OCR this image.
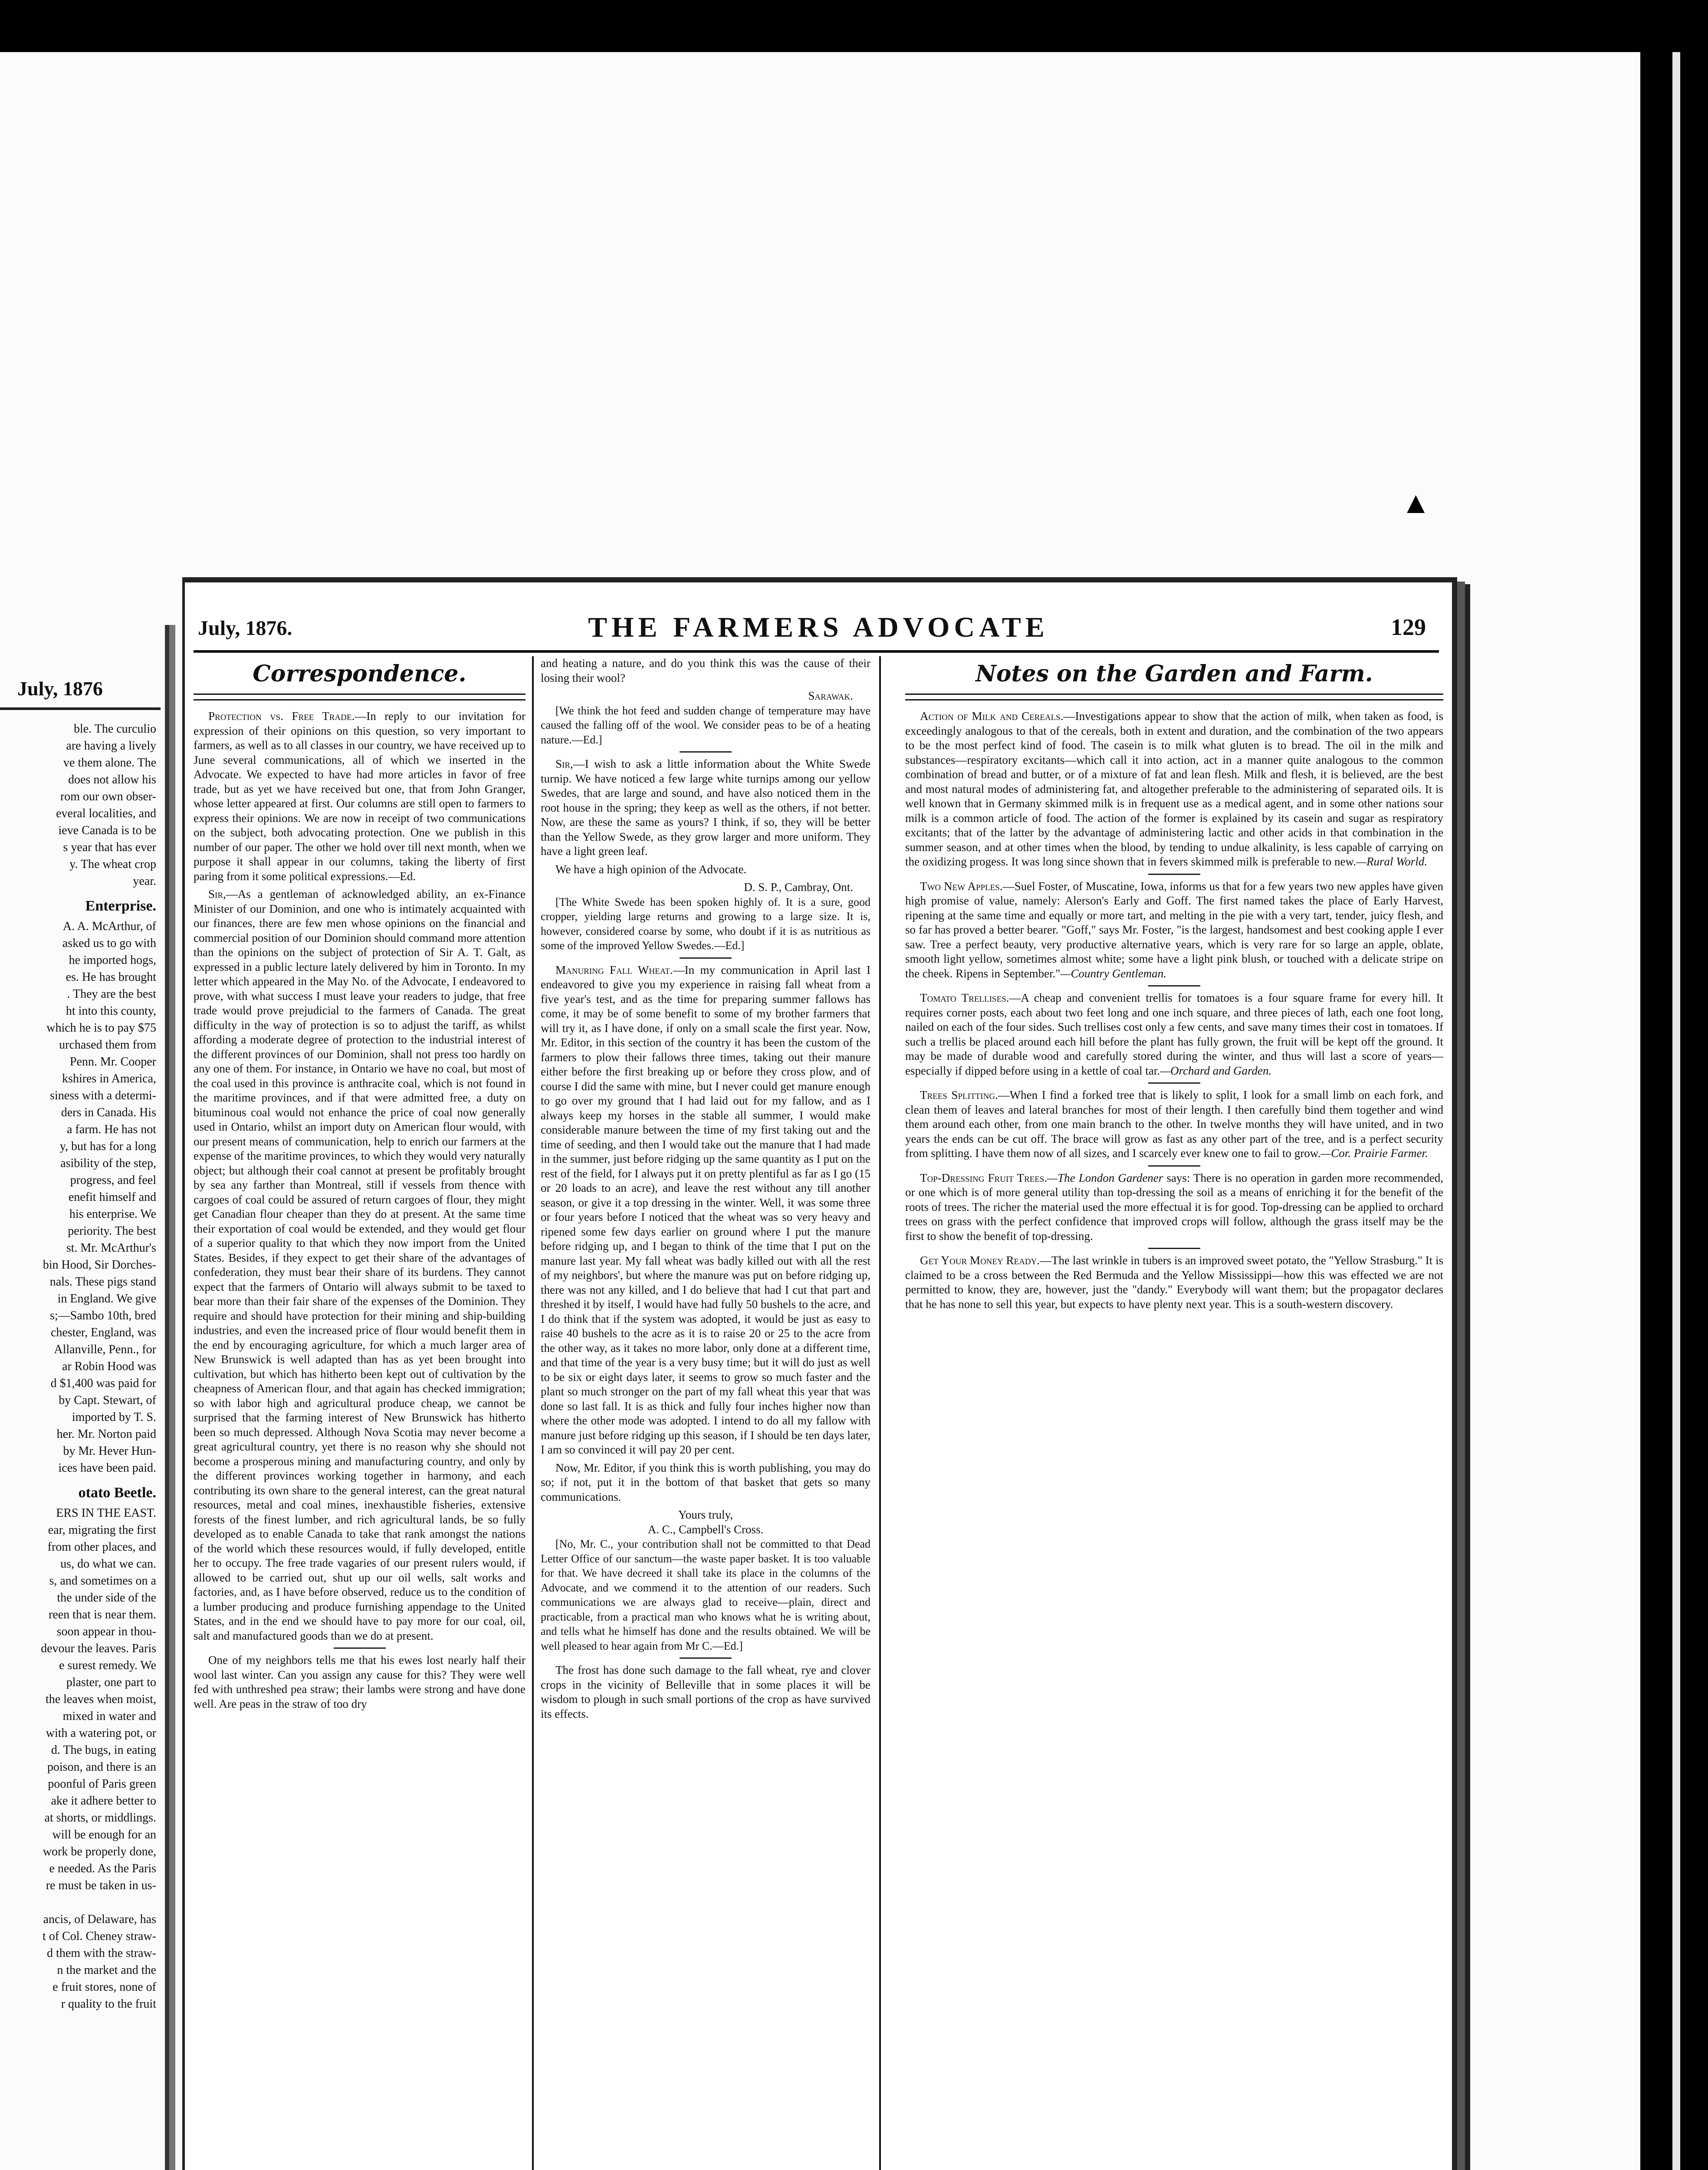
▲
July, 1876
ble. The curculio
are having a lively
ve them alone. The
does not allow his
rom our own obser-
everal localities, and
ieve Canada is to be
s year that has ever
y. The wheat crop
year.
Enterprise.
A. A. McArthur, of
asked us to go with
he imported hogs,
es. He has brought
. They are the best
ht into this county,
which he is to pay $75
urchased them from
Penn. Mr. Cooper
kshires in America,
siness with a determi-
ders in Canada. His
a farm. He has not
y, but has for a long
asibility of the step,
progress, and feel
enefit himself and
his enterprise. We
periority. The best
st. Mr. McArthur's
bin Hood, Sir Dorches-
nals. These pigs stand
in England. We give
s;—Sambo 10th, bred
chester, England, was
Allanville, Penn., for
ar Robin Hood was
d $1,400 was paid for
by Capt. Stewart, of
imported by T. S.
her. Mr. Norton paid
by Mr. Hever Hun-
ices have been paid.
otato Beetle.
ERS IN THE EAST.
ear, migrating the first
from other places, and
us, do what we can.
s, and sometimes on a
the under side of the
reen that is near them.
soon appear in thou-
devour the leaves. Paris
e surest remedy. We
plaster, one part to
the leaves when moist,
mixed in water and
with a watering pot, or
d. The bugs, in eating
poison, and there is an
poonful of Paris green
ake it adhere better to
at shorts, or middlings.
will be enough for an
work be properly done,
e needed. As the Paris
re must be taken in us-

ancis, of Delaware, has
t of Col. Cheney straw-
d them with the straw-
n the market and the
e fruit stores, none of
r quality to the fruit
July, 1876.	THE FARMERS ADVOCATE	129
Correspondence.

Protection vs. Free Trade.—In reply to our invitation for expression of their opinions on this question, so very important to farmers, as well as to all classes in our country, we have received up to June several communications, all of which we inserted in the Advocate. We expected to have had more articles in favor of free trade, but as yet we have received but one, that from John Granger, whose letter appeared at first. Our columns are still open to farmers to express their opinions. We are now in receipt of two communications on the subject, both advocating protection. One we publish in this number of our paper. The other we hold over till next month, when we purpose it shall appear in our columns, taking the liberty of first paring from it some political expressions.—Ed.

Sir,—As a gentleman of acknowledged ability, an ex-Finance Minister of our Dominion, and one who is intimately acquainted with our finances, there are few men whose opinions on the financial and commercial position of our Dominion should command more attention than the opinions on the subject of protection of Sir A. T. Galt, as expressed in a public lecture lately delivered by him in Toronto. In my letter which appeared in the May No. of the Advocate, I endeavored to prove, with what success I must leave your readers to judge, that free trade would prove prejudicial to the farmers of Canada. The great difficulty in the way of protection is so to adjust the tariff, as whilst affording a moderate degree of protection to the industrial interest of the different provinces of our Dominion, shall not press too hardly on any one of them. For instance, in Ontario we have no coal, but most of the coal used in this province is anthracite coal, which is not found in the maritime provinces, and if that were admitted free, a duty on bituminous coal would not enhance the price of coal now generally used in Ontario, whilst an import duty on American flour would, with our present means of communication, help to enrich our farmers at the expense of the maritime provinces, to which they would very naturally object; but although their coal cannot at present be profitably brought by sea any farther than Montreal, still if vessels from thence with cargoes of coal could be assured of return cargoes of flour, they might get Canadian flour cheaper than they do at present. At the same time their exportation of coal would be extended, and they would get flour of a superior quality to that which they now import from the United States. Besides, if they expect to get their share of the advantages of confederation, they must bear their share of its burdens. They cannot expect that the farmers of Ontario will always submit to be taxed to bear more than their fair share of the expenses of the Dominion. They require and should have protection for their mining and ship-building industries, and even the increased price of flour would benefit them in the end by encouraging agriculture, for which a much larger area of New Brunswick is well adapted than has as yet been brought into cultivation, but which has hitherto been kept out of cultivation by the cheapness of American flour, and that again has checked immigration; so with labor high and agricultural produce cheap, we cannot be surprised that the farming interest of New Brunswick has hitherto been so much depressed. Although Nova Scotia may never become a great agricultural country, yet there is no reason why she should not become a prosperous mining and manufacturing country, and only by the different provinces working together in harmony, and each contributing its own share to the general interest, can the great natural resources, metal and coal mines, inexhaustible fisheries, extensive forests of the finest lumber, and rich agricultural lands, be so fully developed as to enable Canada to take that rank amongst the nations of the world which these resources would, if fully developed, entitle her to occupy. The free trade vagaries of our present rulers would, if allowed to be carried out, shut up our oil wells, salt works and factories, and, as I have before observed, reduce us to the condition of a lumber producing and produce furnishing appendage to the United States, and in the end we should have to pay more for our coal, oil, salt and manufactured goods than we do at present.

One of my neighbors tells me that his ewes lost nearly half their wool last winter. Can you assign any cause for this? They were well fed with unthreshed pea straw; their lambs were strong and have done well. Are peas in the straw of too dry

and heating a nature, and do you think this was the cause of their losing their wool?

Sarawak.

[We think the hot feed and sudden change of temperature may have caused the falling off of the wool. We consider peas to be of a heating nature.—Ed.]

Sir,—I wish to ask a little information about the White Swede turnip. We have noticed a few large white turnips among our yellow Swedes, that are large and sound, and have also noticed them in the root house in the spring; they keep as well as the others, if not better. Now, are these the same as yours? I think, if so, they will be better than the Yellow Swede, as they grow larger and more uniform. They have a light green leaf.

We have a high opinion of the Advocate.

D. S. P., Cambray, Ont.

[The White Swede has been spoken highly of. It is a sure, good cropper, yielding large returns and growing to a large size. It is, however, considered coarse by some, who doubt if it is as nutritious as some of the improved Yellow Swedes.—Ed.]

Manuring Fall Wheat.—In my communication in April last I endeavored to give you my experience in raising fall wheat from a five year's test, and as the time for preparing summer fallows has come, it may be of some benefit to some of my brother farmers that will try it, as I have done, if only on a small scale the first year. Now, Mr. Editor, in this section of the country it has been the custom of the farmers to plow their fallows three times, taking out their manure either before the first breaking up or before they cross plow, and of course I did the same with mine, but I never could get manure enough to go over my ground that I had laid out for my fallow, and as I always keep my horses in the stable all summer, I would make considerable manure between the time of my first taking out and the time of seeding, and then I would take out the manure that I had made in the summer, just before ridging up the same quantity as I put on the rest of the field, for I always put it on pretty plentiful as far as I go (15 or 20 loads to an acre), and leave the rest without any till another season, or give it a top dressing in the winter. Well, it was some three or four years before I noticed that the wheat was so very heavy and ripened some few days earlier on ground where I put the manure before ridging up, and I began to think of the time that I put on the manure last year. My fall wheat was badly killed out with all the rest of my neighbors', but where the manure was put on before ridging up, there was not any killed, and I do believe that had I cut that part and threshed it by itself, I would have had fully 50 bushels to the acre, and I do think that if the system was adopted, it would be just as easy to raise 40 bushels to the acre as it is to raise 20 or 25 to the acre from the other way, as it takes no more labor, only done at a different time, and that time of the year is a very busy time; but it will do just as well to be six or eight days later, it seems to grow so much faster and the plant so much stronger on the part of my fall wheat this year that was done so last fall. It is as thick and fully four inches higher now than where the other mode was adopted. I intend to do all my fallow with manure just before ridging up this season, if I should be ten days later, I am so convinced it will pay 20 per cent.

Now, Mr. Editor, if you think this is worth publishing, you may do so; if not, put it in the bottom of that basket that gets so many communications.

Yours truly,
A. C., Campbell's Cross.

[No, Mr. C., your contribution shall not be committed to that Dead Letter Office of our sanctum—the waste paper basket. It is too valuable for that. We have decreed it shall take its place in the columns of the Advocate, and we commend it to the attention of our readers. Such communications we are always glad to receive—plain, direct and practicable, from a practical man who knows what he is writing about, and tells what he himself has done and the results obtained. We will be well pleased to hear again from Mr C.—Ed.]

The frost has done such damage to the fall wheat, rye and clover crops in the vicinity of Belleville that in some places it will be wisdom to plough in such small portions of the crop as have survived its effects.

Notes on the Garden and Farm.

Action of Milk and Cereals.—Investigations appear to show that the action of milk, when taken as food, is exceedingly analogous to that of the cereals, both in extent and duration, and the combination of the two appears to be the most perfect kind of food. The casein is to milk what gluten is to bread. The oil in the milk and substances—respiratory excitants—which call it into action, act in a manner quite analogous to the common combination of bread and butter, or of a mixture of fat and lean flesh. Milk and flesh, it is believed, are the best and most natural modes of administering fat, and altogether preferable to the administering of separated oils. It is well known that in Germany skimmed milk is in frequent use as a medical agent, and in some other nations sour milk is a common article of food. The action of the former is explained by its casein and sugar as respiratory excitants; that of the latter by the advantage of administering lactic and other acids in that combination in the summer season, and at other times when the blood, by tending to undue alkalinity, is less capable of carrying on the oxidizing progess. It was long since shown that in fevers skimmed milk is preferable to new.—Rural World.

Two New Apples.—Suel Foster, of Muscatine, Iowa, informs us that for a few years two new apples have given high promise of value, namely: Alerson's Early and Goff. The first named takes the place of Early Harvest, ripening at the same time and equally or more tart, and melting in the pie with a very tart, tender, juicy flesh, and so far has proved a better bearer. "Goff," says Mr. Foster, "is the largest, handsomest and best cooking apple I ever saw. Tree a perfect beauty, very productive alternative years, which is very rare for so large an apple, oblate, smooth light yellow, sometimes almost white; some have a light pink blush, or touched with a delicate stripe on the cheek. Ripens in September."—Country Gentleman.

Tomato Trellises.—A cheap and convenient trellis for tomatoes is a four square frame for every hill. It requires corner posts, each about two feet long and one inch square, and three pieces of lath, each one foot long, nailed on each of the four sides. Such trellises cost only a few cents, and save many times their cost in tomatoes. If such a trellis be placed around each hill before the plant has fully grown, the fruit will be kept off the ground. It may be made of durable wood and carefully stored during the winter, and thus will last a score of years—especially if dipped before using in a kettle of coal tar.—Orchard and Garden.

Trees Splitting.—When I find a forked tree that is likely to split, I look for a small limb on each fork, and clean them of leaves and lateral branches for most of their length. I then carefully bind them together and wind them around each other, from one main branch to the other. In twelve months they will have united, and in two years the ends can be cut off. The brace will grow as fast as any other part of the tree, and is a perfect security from splitting. I have them now of all sizes, and I scarcely ever knew one to fail to grow.—Cor. Prairie Farmer.

Top-Dressing Fruit Trees.—The London Gardener says: There is no operation in garden more recommended, or one which is of more general utility than top-dressing the soil as a means of enriching it for the benefit of the roots of trees. The richer the material used the more effectual it is for good. Top-dressing can be applied to orchard trees on grass with the perfect confidence that improved crops will follow, although the grass itself may be the first to show the benefit of top-dressing.

Get Your Money Ready.—The last wrinkle in tubers is an improved sweet potato, the "Yellow Strasburg." It is claimed to be a cross between the Red Bermuda and the Yellow Mississippi—how this was effected we are not permitted to know, they are, however, just the "dandy." Everybody will want them; but the propagator declares that he has none to sell this year, but expects to have plenty next year. This is a south-western discovery.
